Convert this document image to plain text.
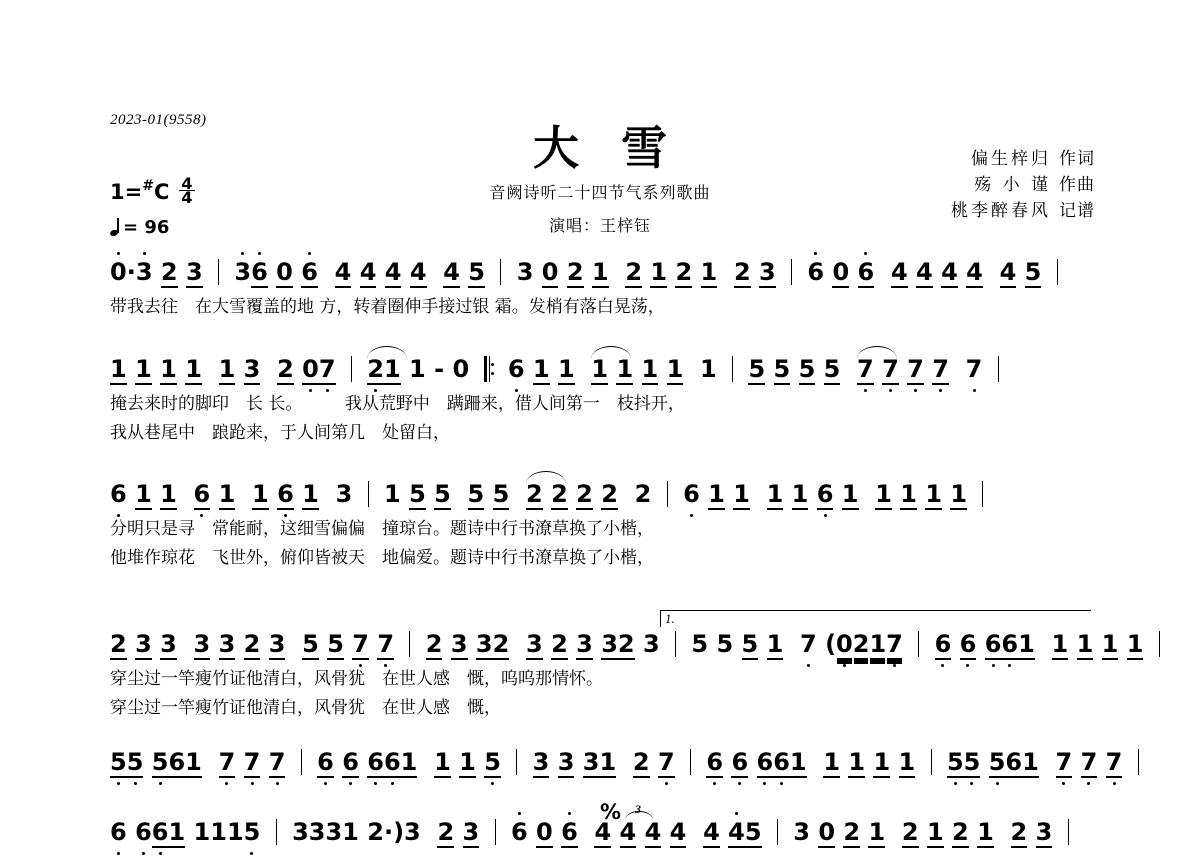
2023-01(9558)
大雪
音阙诗听二十四节气系列歌曲
演唱：王梓钰
偏生梓归 作词
殇 小 谨 作曲
桃李醉春风 记谱
1= # C $\frac{4}{4}$
= 96
0·3 2 3 36 0 6 4 4 4 4 4 5 3 0 2 1 2 1 2 1 2 3 6 0 6 4 4 4 4 4 5
带我去往　在大雪覆盖的地 方，转着圈伸手接过银 霜。发梢有落白晃荡，
1 1 1 1 1 3 2 07 21 1 - 0 6 1 1 1 1 1 1 1 5 5 5 5 7 7 7 7 7
掩去来时的脚印　长 长。　　　我从荒野中　蹒跚来，借人间第一　枝抖开，
我从巷尾中　踉跄来，于人间第几　处留白，
6 1 1 6 1 1 6 1 3 1 5 5 5 5 2 2 2 2 2 6 1 1 1 1 6 1 1 1 1 1
分明只是寻　常能耐，这细雪偏偏　撞琼台。题诗中行书潦草换了小楷，
他堆作琼花　飞世外，俯仰皆被天　地偏爱。题诗中行书潦草换了小楷，
1.
2 3 3 3 3 2 3 5 5 7 7 2 3 32 3 2 3 32 3 5 5 5 1 7 (0217 6 6 661 1 1 1 1
穿尘过一竿瘦竹证他清白，风骨犹　在世人感　慨，呜呜那情怀。
穿尘过一竿瘦竹证他清白，风骨犹　在世人感　慨，
55 561 7 7 7 6 6 661 1 1 5 3 3 31 2 7 6 6 661 1 1 1 1 55 561 7 7 7
6 661 1115 3331 2·)3 2 3
% 3
6 0 6 4 4 4 4 4 45 3 0 2 1 2 1 2 1 2 3
